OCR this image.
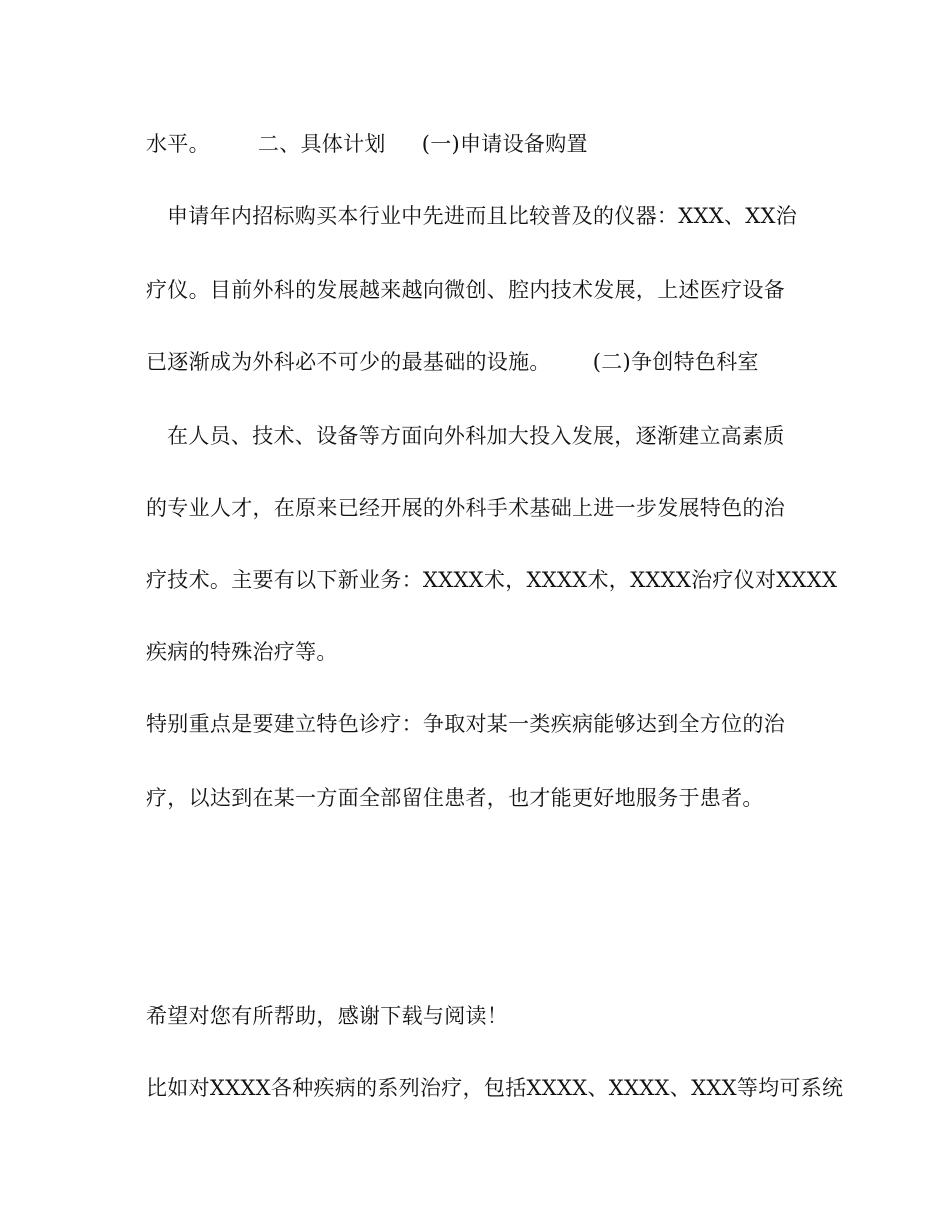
水平。 二、具体计划 (一)申请设备购置
申请年内招标购买本行业中先进而且比较普及的仪器：XXX、XX治
疗仪。目前外科的发展越来越向微创、腔内技术发展，上述医疗设备
已逐渐成为外科必不可少的最基础的设施。 (二)争创特色科室
在人员、技术、设备等方面向外科加大投入发展，逐渐建立高素质
的专业人才，在原来已经开展的外科手术基础上进一步发展特色的治
疗技术。主要有以下新业务：XXXX术，XXXX术，XXXX治疗仪对XXXX
疾病的特殊治疗等。
特别重点是要建立特色诊疗：争取对某一类疾病能够达到全方位的治
疗，以达到在某一方面全部留住患者，也才能更好地服务于患者。
希望对您有所帮助，感谢下载与阅读！
比如对XXXX各种疾病的系列治疗，包括XXXX、XXXX、XXX等均可系统
